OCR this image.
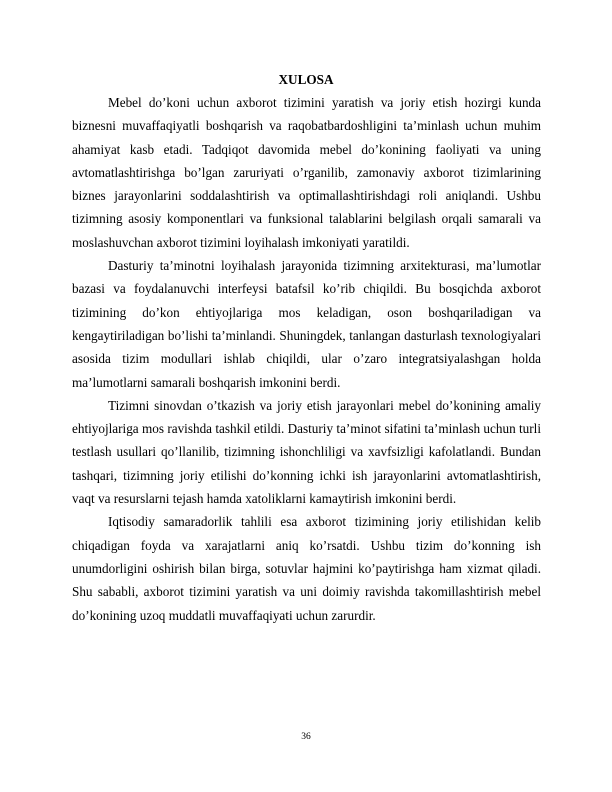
XULOSA

Mebel do’koni uchun axborot tizimini yaratish va joriy etish hozirgi kunda biznesni muvaffaqiyatli boshqarish va raqobatbardoshligini ta’minlash uchun muhim ahamiyat kasb etadi. Tadqiqot davomida mebel do’konining faoliyati va uning avtomatlashtirishga bo’lgan zaruriyati o’rganilib, zamonaviy axborot tizimlarining biznes jarayonlarini soddalashtirish va optimallashtirishdagi roli aniqlandi. Ushbu tizimning asosiy komponentlari va funksional talablarini belgilash orqali samarali va moslashuvchan axborot tizimini loyihalash imkoniyati yaratildi.

Dasturiy ta’minotni loyihalash jarayonida tizimning arxitekturasi, ma’lumotlar bazasi va foydalanuvchi interfeysi batafsil ko’rib chiqildi. Bu bosqichda axborot tizimining do’kon ehtiyojlariga mos keladigan, oson boshqariladigan va kengaytiriladigan bo’lishi ta’minlandi. Shuningdek, tanlangan dasturlash texnologiyalari asosida tizim modullari ishlab chiqildi, ular o’zaro integratsiyalashgan holda ma’lumotlarni samarali boshqarish imkonini berdi.

Tizimni sinovdan o’tkazish va joriy etish jarayonlari mebel do’konining amaliy ehtiyojlariga mos ravishda tashkil etildi. Dasturiy ta’minot sifatini ta’minlash uchun turli testlash usullari qo’llanilib, tizimning ishonchliligi va xavfsizligi kafolatlandi. Bundan tashqari, tizimning joriy etilishi do’konning ichki ish jarayonlarini avtomatlashtirish, vaqt va resurslarni tejash hamda xatoliklarni kamaytirish imkonini berdi.

Iqtisodiy samaradorlik tahlili esa axborot tizimining joriy etilishidan kelib chiqadigan foyda va xarajatlarni aniq ko’rsatdi. Ushbu tizim do’konning ish unumdorligini oshirish bilan birga, sotuvlar hajmini ko’paytirishga ham xizmat qiladi. Shu sababli, axborot tizimini yaratish va uni doimiy ravishda takomillashtirish mebel do’konining uzoq muddatli muvaffaqiyati uchun zarurdir.

36
